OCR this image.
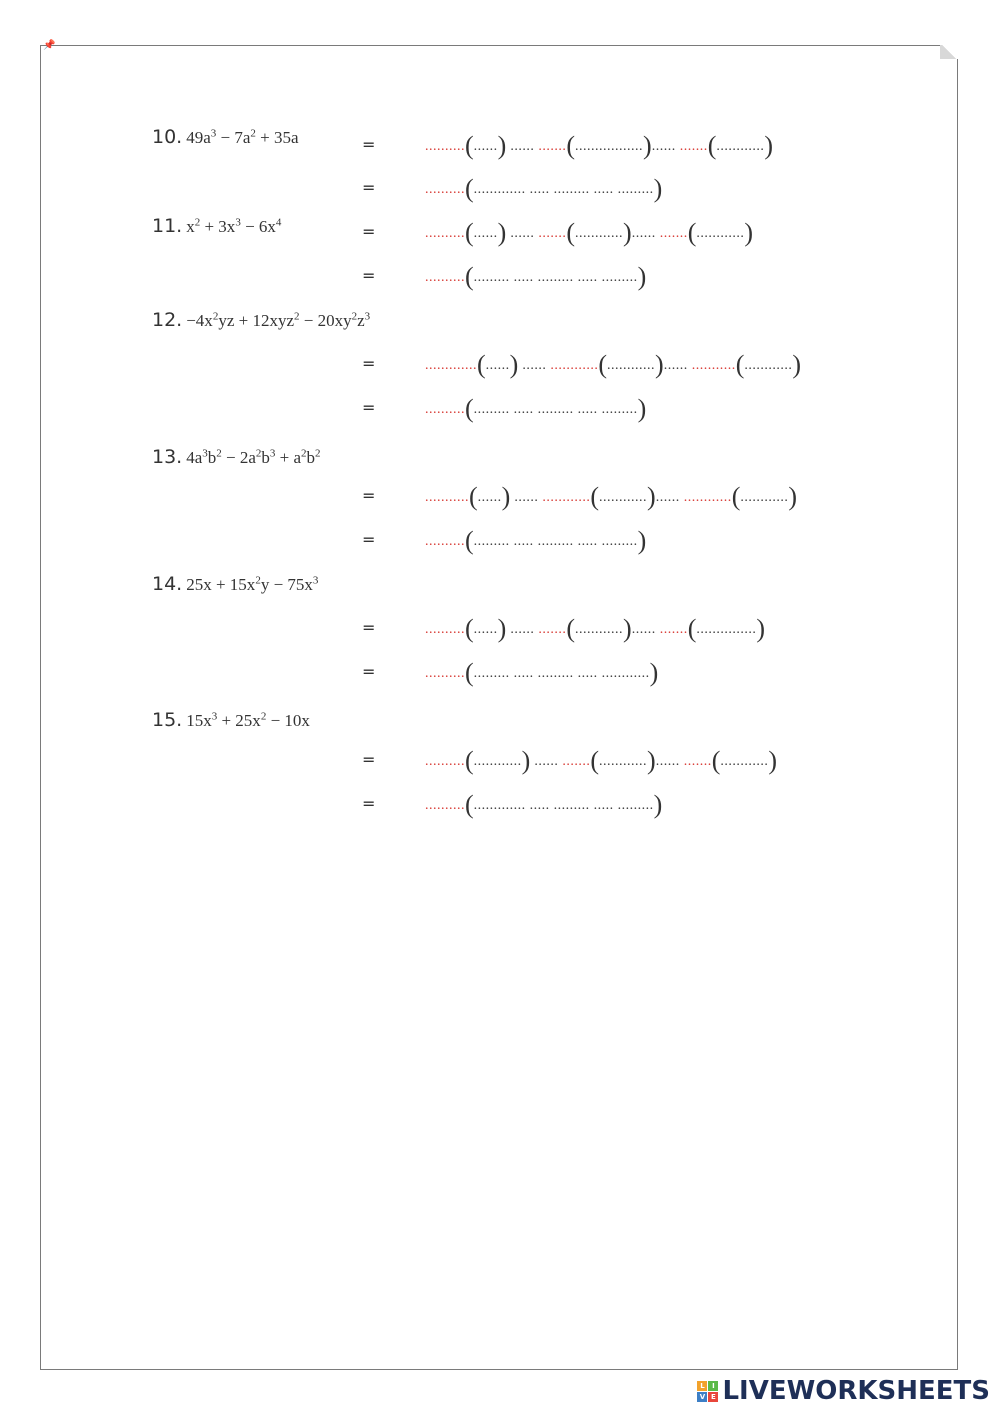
📌
10. $49a^3 - 7a^2 + 35a$	=	..........(......) ...... .......(.................)...... .......(............)
=	..........(............. ..... ......... ..... .........)
11. $x^2 + 3x^3 - 6x^4$	=	..........(......) ...... .......(............)...... .......(............)
=	..........(......... ..... ......... ..... .........)
12. $-4x^2yz + 12xyz^2 - 20xy^2z^3$
=	.............(......) ...... ............(............)...... ...........(............)
=	..........(......... ..... ......... ..... .........)
13. $4a^3b^2 - 2a^2b^3 + a^2b^2$
=	...........(......) ...... ............(............)...... ............(............)
=	..........(......... ..... ......... ..... .........)
14. $25x + 15x^2y - 75x^3$
=	..........(......) ...... .......(............)...... .......(...............)
=	..........(......... ..... ......... ..... ............)
15. $15x^3 + 25x^2 - 10x$
=	..........(............) ...... .......(............)...... .......(............)
=	..........(............. ..... ......... ..... .........)
L	I
V E LIVEWORKSHEETS
